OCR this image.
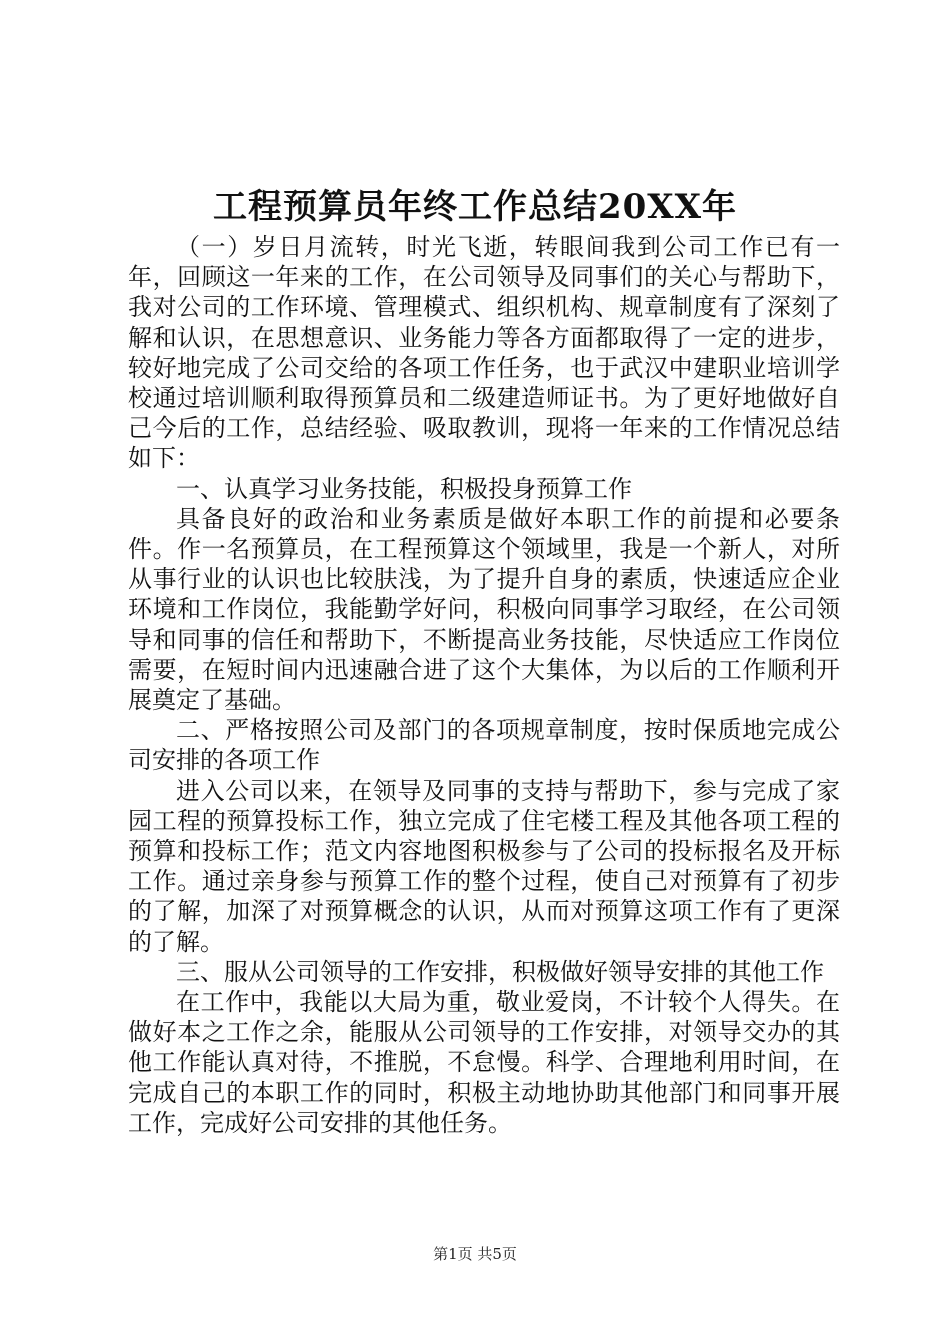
工程预算员年终工作总结20XX年

（一）岁日月流转，时光飞逝，转眼间我到公司工作已有一年，回顾这一年来的工作，在公司领导及同事们的关心与帮助下，我对公司的工作环境、管理模式、组织机构、规章制度有了深刻了解和认识，在思想意识、业务能力等各方面都取得了一定的进步，较好地完成了公司交给的各项工作任务，也于武汉中建职业培训学校通过培训顺利取得预算员和二级建造师证书。为了更好地做好自己今后的工作，总结经验、吸取教训，现将一年来的工作情况总结如下：

一、认真学习业务技能，积极投身预算工作

具备良好的政治和业务素质是做好本职工作的前提和必要条件。作一名预算员，在工程预算这个领域里，我是一个新人，对所从事行业的认识也比较肤浅，为了提升自身的素质，快速适应企业环境和工作岗位，我能勤学好问，积极向同事学习取经，在公司领导和同事的信任和帮助下，不断提高业务技能，尽快适应工作岗位需要，在短时间内迅速融合进了这个大集体，为以后的工作顺利开展奠定了基础。

二、严格按照公司及部门的各项规章制度，按时保质地完成公司安排的各项工作

进入公司以来，在领导及同事的支持与帮助下，参与完成了家园工程的预算投标工作，独立完成了住宅楼工程及其他各项工程的预算和投标工作；范文内容地图积极参与了公司的投标报名及开标工作。通过亲身参与预算工作的整个过程，使自己对预算有了初步的了解，加深了对预算概念的认识，从而对预算这项工作有了更深的了解。

三、服从公司领导的工作安排，积极做好领导安排的其他工作

在工作中，我能以大局为重，敬业爱岗，不计较个人得失。在做好本之工作之余，能服从公司领导的工作安排，对领导交办的其他工作能认真对待，不推脱，不怠慢。科学、合理地利用时间，在完成自己的本职工作的同时，积极主动地协助其他部门和同事开展工作，完成好公司安排的其他任务。

第1页 共5页
